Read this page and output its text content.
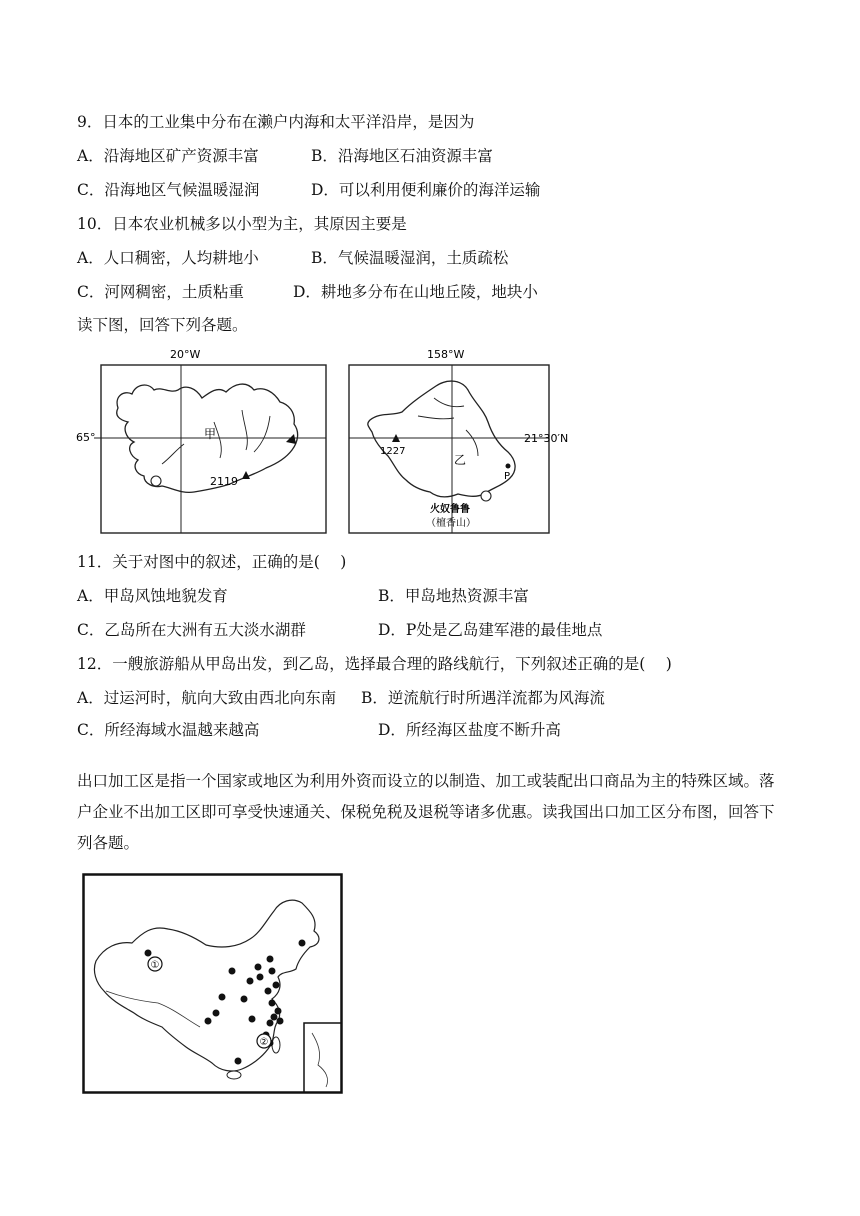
9．日本的工业集中分布在濑户内海和太平洋沿岸，是因为
A．沿海地区矿产资源丰富	B．沿海地区石油资源丰富
C．沿海地区气候温暖湿润	D．可以利用便利廉价的海洋运输
10．日本农业机械多以小型为主，其原因主要是
A．人口稠密，人均耕地小	B．气候温暖湿润，土质疏松
C．河网稠密，土质粘重	D．耕地多分布在山地丘陵，地块小
读下图，回答下列各题。
20°W
65°	甲
2119
158°W
21°30′N
1227
乙
P
火奴鲁鲁
（檀香山）
11．关于对图中的叙述，正确的是(　 )
A．甲岛风蚀地貌发育	B．甲岛地热资源丰富
C．乙岛所在大洲有五大淡水湖群	D．P处是乙岛建军港的最佳地点
12．一艘旅游船从甲岛出发，到乙岛，选择最合理的路线航行，下列叙述正确的是(　 )
A．过运河时，航向大致由西北向东南 B．逆流航行时所遇洋流都为风海流
C．所经海域水温越来越高	D．所经海区盐度不断升高
出口加工区是指一个国家或地区为利用外资而设立的以制造、加工或装配出口商品为主的特殊区域。落户企业不出加工区即可享受快速通关、保税免税及退税等诸多优惠。读我国出口加工区分布图，回答下列各题。
①
②
